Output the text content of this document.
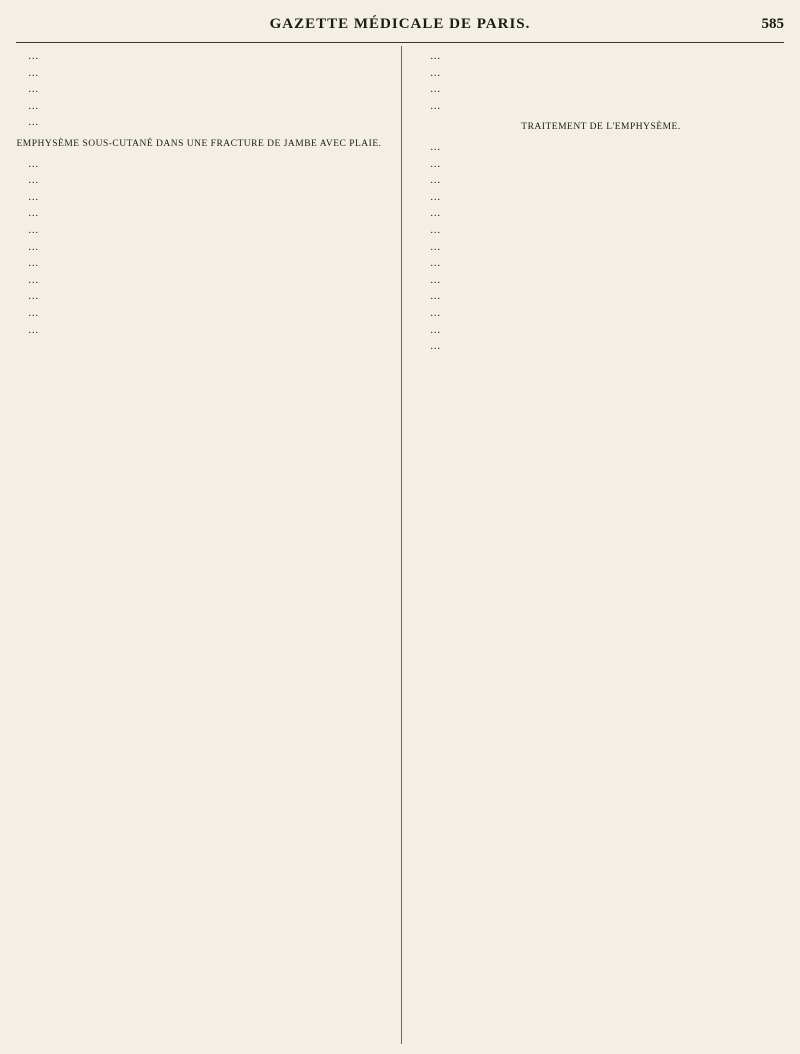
GAZETTE MÉDICALE DE PARIS.	585

…

…

…

…

…

EMPHYSÈME SOUS-CUTANÉ DANS UNE FRACTURE DE JAMBE AVEC PLAIE.

…

…

…

…

…

…

…

…

…

…

…

…

…

…

…

TRAITEMENT DE L'EMPHYSÈME.

…

…

…

…

…

…

…

…

…

…

…

…

…
